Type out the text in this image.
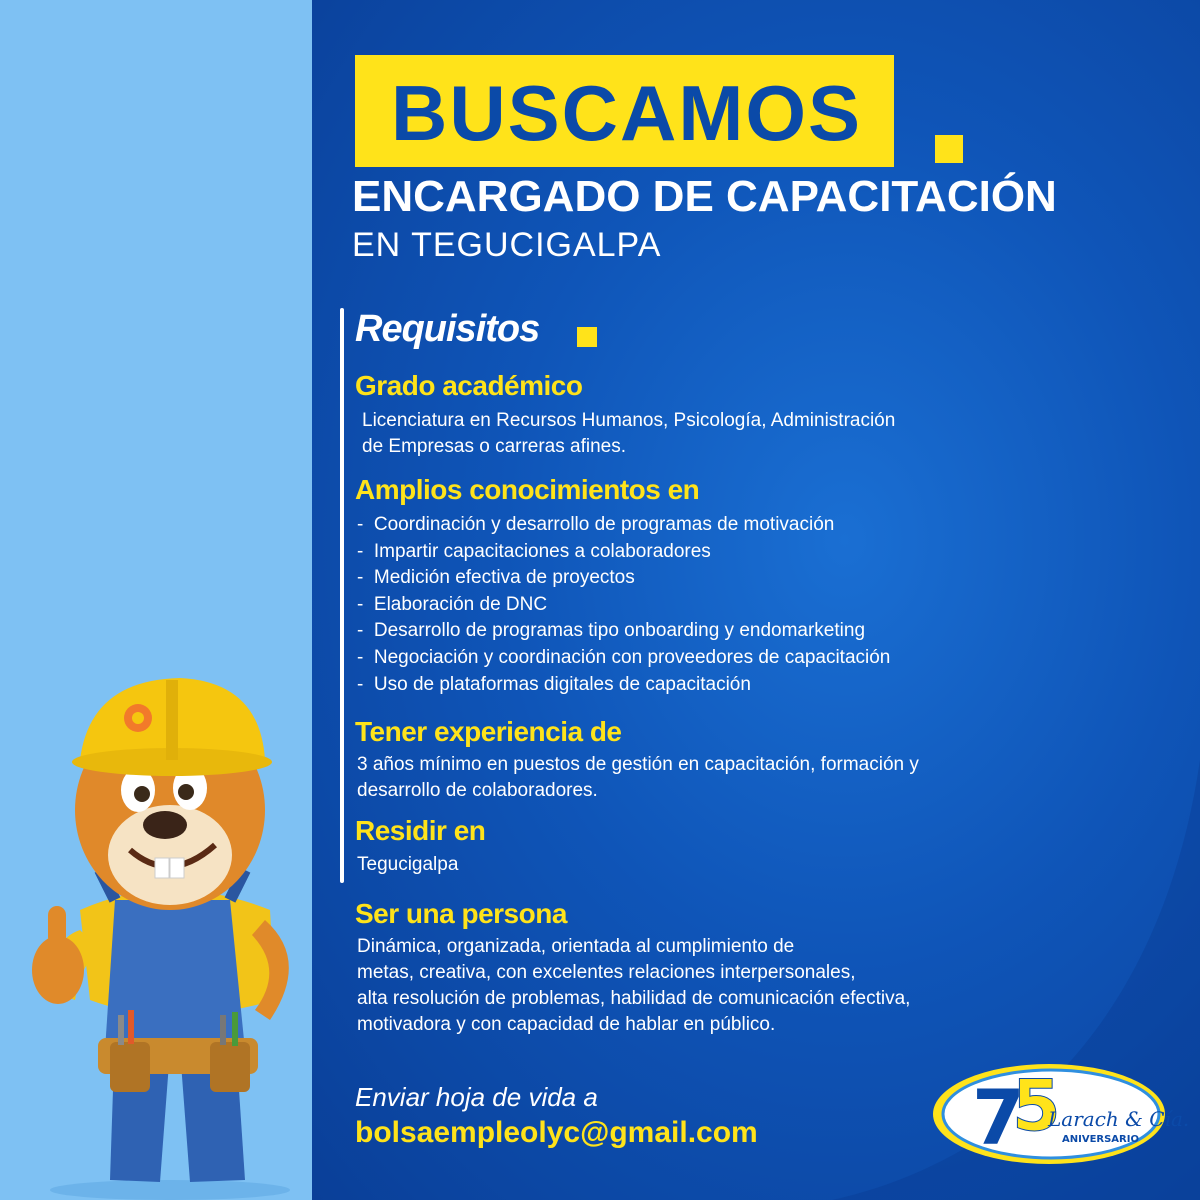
BUSCAMOS
ENCARGADO DE CAPACITACIÓN
EN TEGUCIGALPA
Requisitos
Grado académico
Licenciatura en Recursos Humanos, Psicología, Administración
de Empresas o carreras afines.
Amplios conocimientos en
- Coordinación y desarrollo de programas de motivación
- Impartir capacitaciones a colaboradores
- Medición efectiva de proyectos
- Elaboración de DNC
- Desarrollo de programas tipo onboarding y endomarketing
- Negociación y coordinación con proveedores de capacitación
- Uso de plataformas digitales de capacitación
Tener experiencia de
3 años mínimo en puestos de gestión en capacitación, formación y
desarrollo de colaboradores.
Residir en
Tegucigalpa
Ser una persona
Dinámica, organizada, orientada al cumplimiento de
metas, creativa, con excelentes relaciones interpersonales,
alta resolución de problemas, habilidad de comunicación efectiva,
motivadora y con capacidad de hablar en público.
Enviar hoja de vida a
bolsaempleolyc@gmail.com	7
5
Larach & Cía.
ANIVERSARIO
